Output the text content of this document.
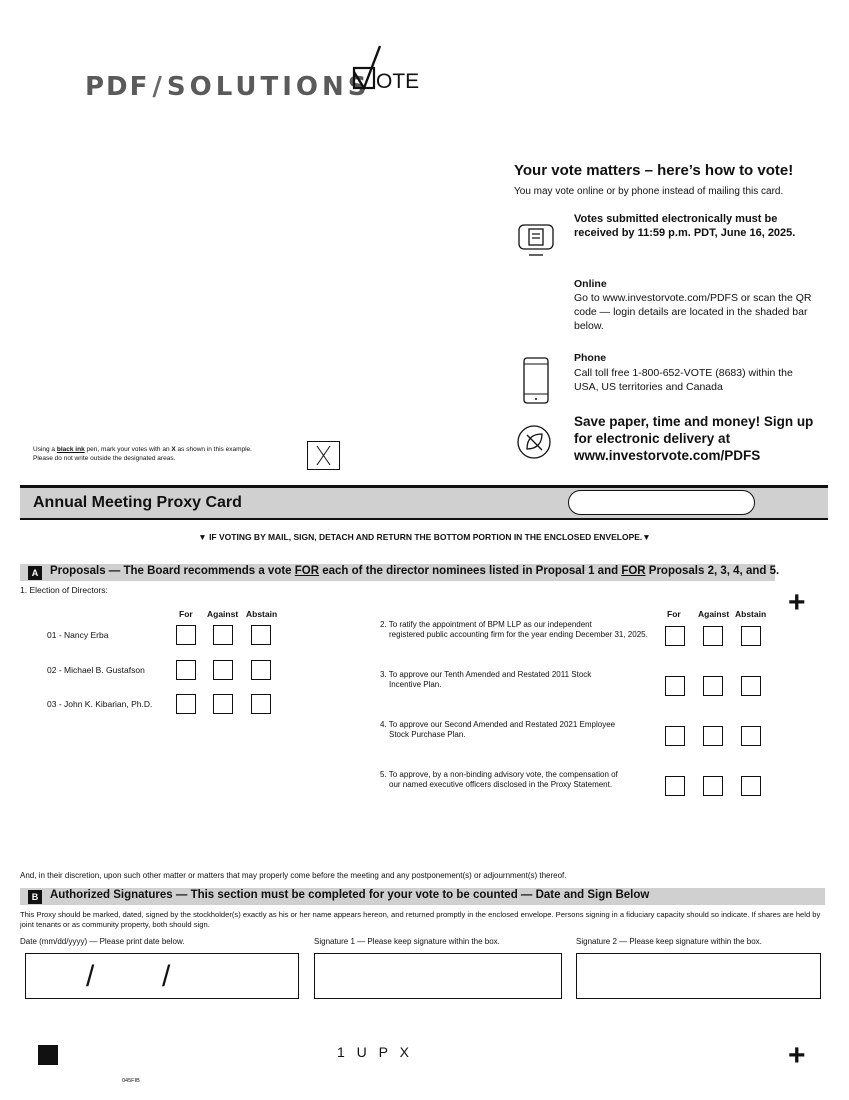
PDF / SOLUTIONS OTE
Your vote matters – here’s how to vote!
You may vote online or by phone instead of mailing this card.
Votes submitted electronically must be received by 11:59 p.m. PDT, June 16, 2025.
Online
Go to www.investorvote.com/PDFS or scan the QR code — login details are located in the shaded bar below.
Phone
Call toll free 1-800-652-VOTE (8683) within the USA, US territories and Canada
Save paper, time and money! Sign up for electronic delivery at www.investorvote.com/PDFS
Using a black ink pen, mark your votes with an X as shown in this example.
Please do not write outside the designated areas.
Annual Meeting Proxy Card
▼ IF VOTING BY MAIL, SIGN, DETACH AND RETURN THE BOTTOM PORTION IN THE ENCLOSED ENVELOPE.▼
A	Proposals — The Board recommends a vote FOR each of the director nominees listed in Proposal 1 and FOR Proposals 2, 3, 4, and 5.
+
1. Election of Directors:
For Against Abstain
01 - Nancy Erba
02 - Michael B. Gustafson
03 - John K. Kibarian, Ph.D.
For Against Abstain
2. To ratify the appointment of BPM LLP as our independent
registered public accounting firm for the year ending December 31, 2025.
3. To approve our Tenth Amended and Restated 2011 Stock
Incentive Plan.
4. To approve our Second Amended and Restated 2021 Employee
Stock Purchase Plan.
5. To approve, by a non-binding advisory vote, the compensation of
our named executive officers disclosed in the Proxy Statement.
And, in their discretion, upon such other matter or matters that may properly come before the meeting and any postponement(s) or adjournment(s) thereof.
B	Authorized Signatures — This section must be completed for your vote to be counted — Date and Sign Below
This Proxy should be marked, dated, signed by the stockholder(s) exactly as his or her name appears hereon, and returned promptly in the enclosed envelope. Persons signing in a fiduciary capacity should so indicate. If shares are held by joint tenants or as community property, both should sign.
Date (mm/dd/yyyy) — Please print date below.	Signature 1 — Please keep signature within the box.	Signature 2 — Please keep signature within the box.
/ /
1 U P X	+
045FIB
